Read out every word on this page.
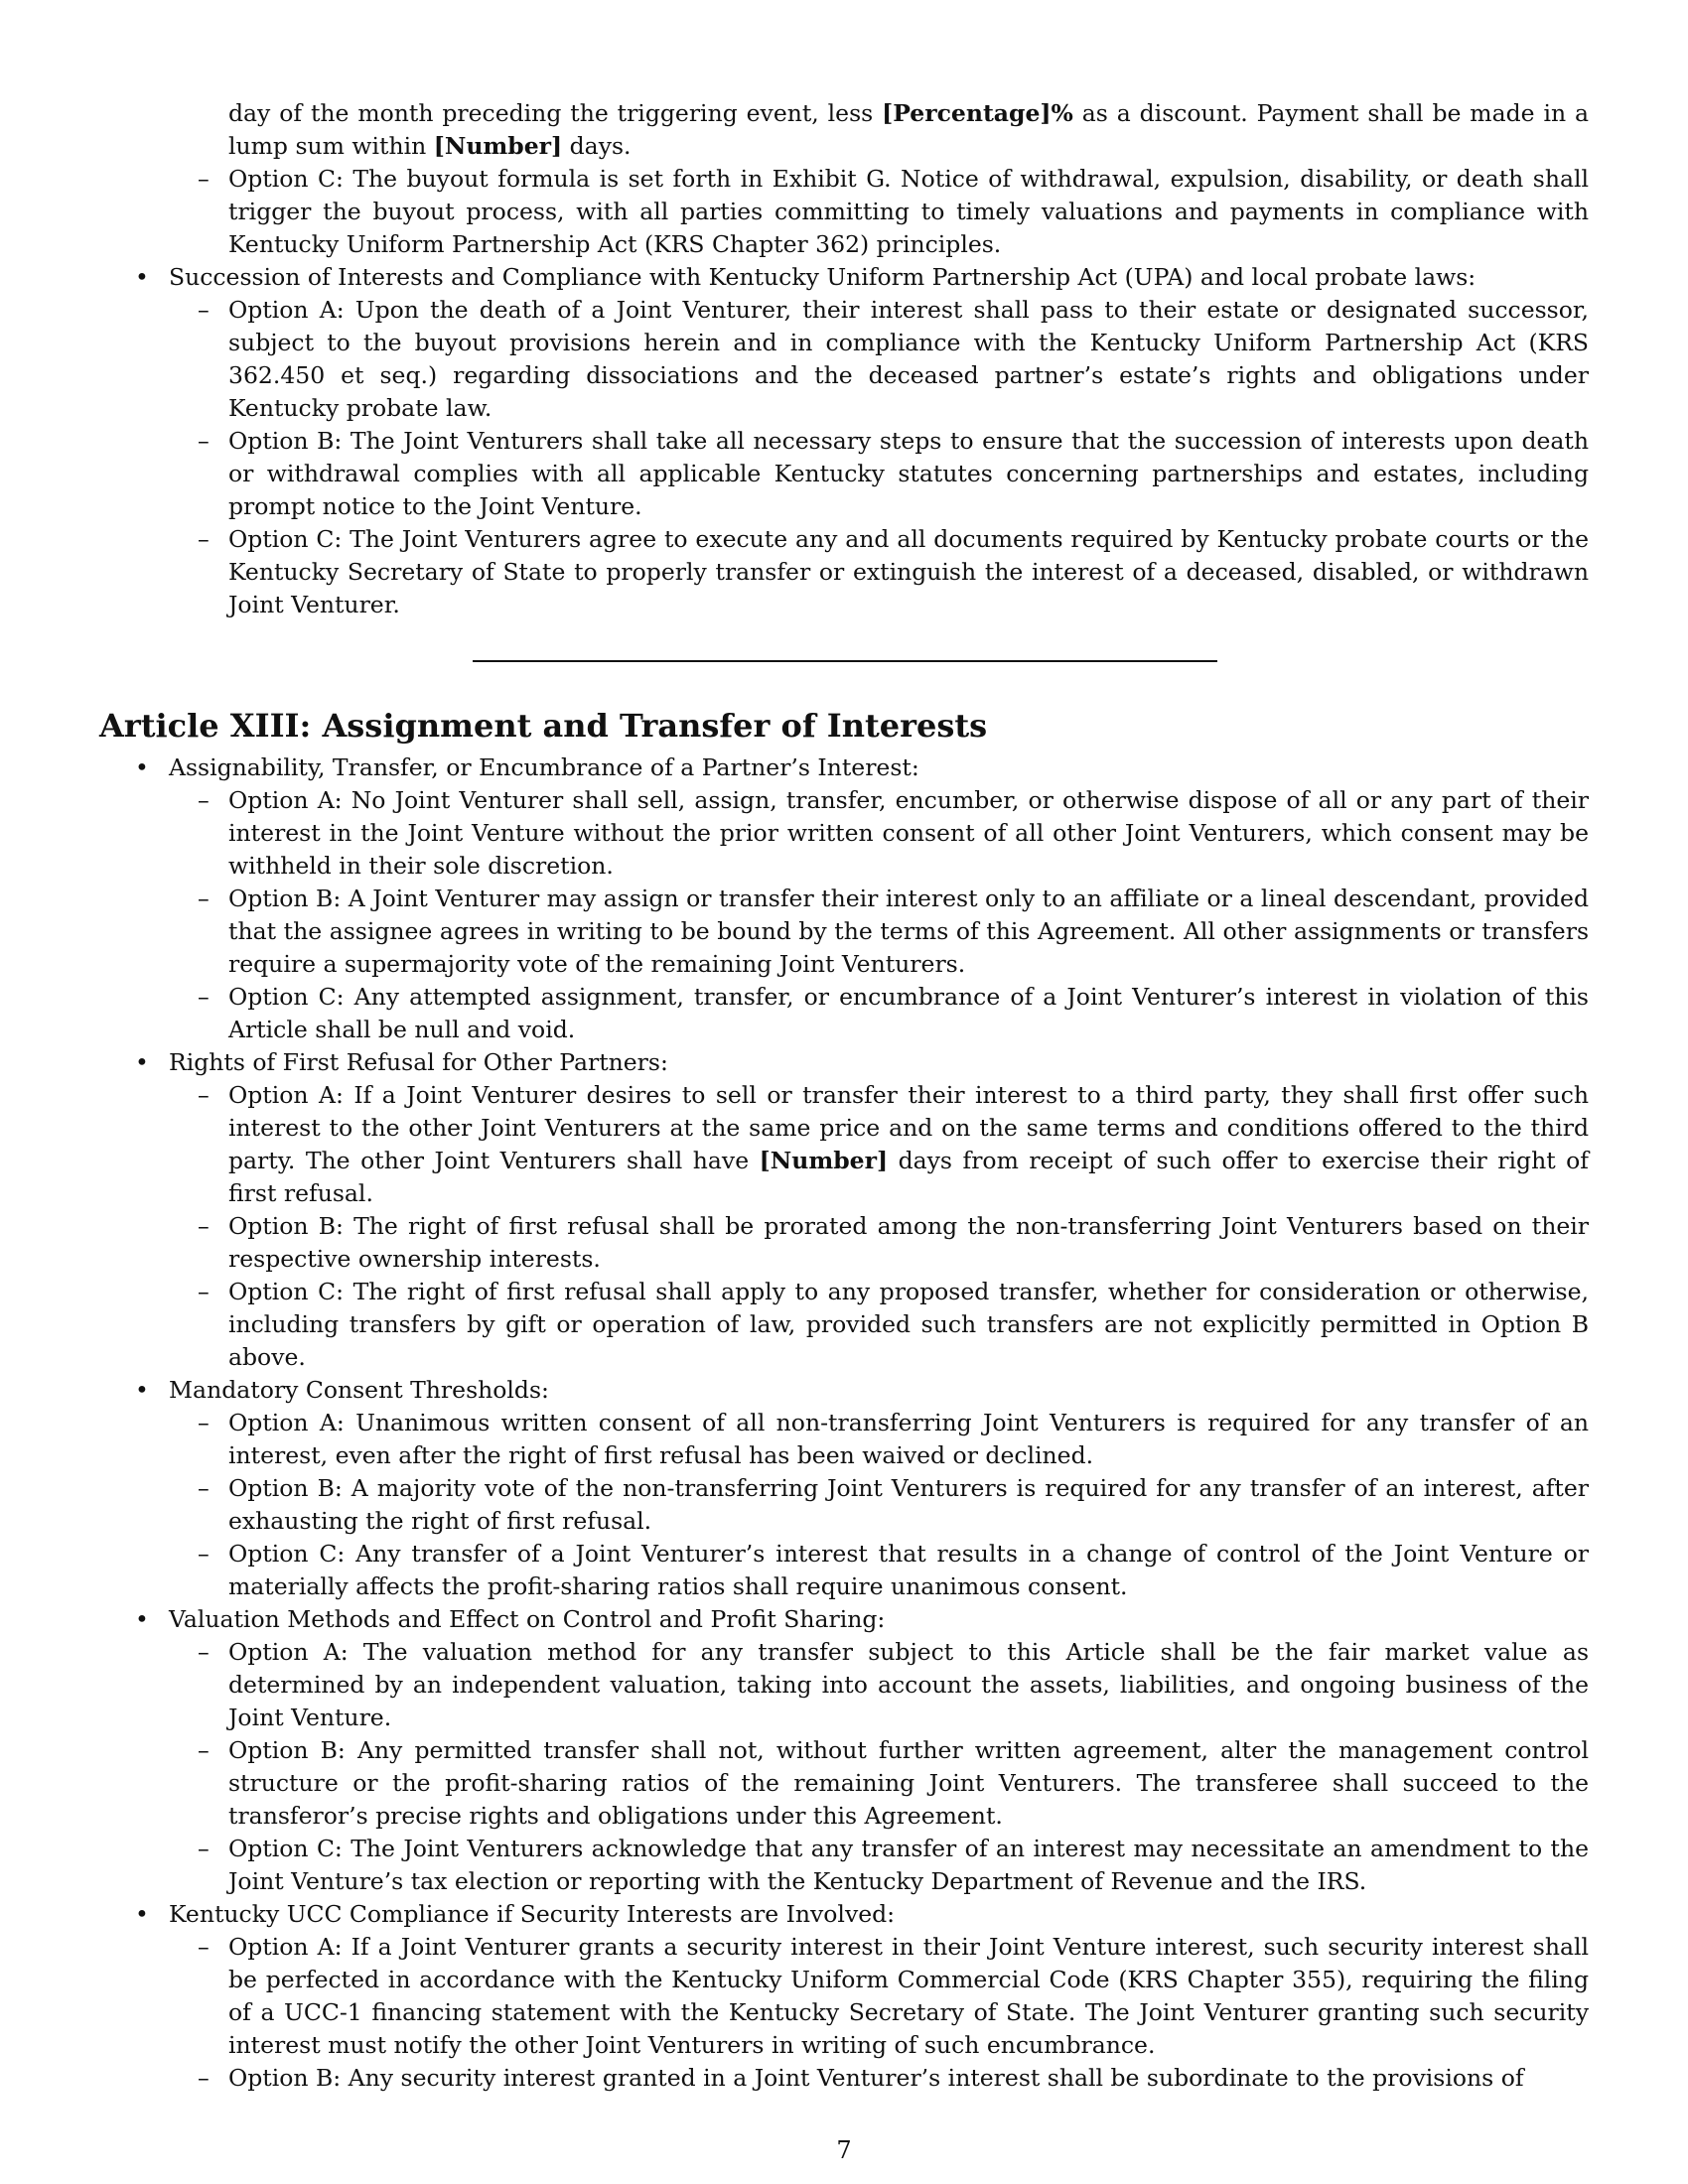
day of the month preceding the triggering event, less [Percentage]% as a discount. Payment shall be made in a lump sum within [Number] days.
– Option C: The buyout formula is set forth in Exhibit G. Notice of withdrawal, expulsion, disability, or death shall trigger the buyout process, with all parties committing to timely valuations and payments in compliance with Kentucky Uniform Partnership Act (KRS Chapter 362) principles.
• Succession of Interests and Compliance with Kentucky Uniform Partnership Act (UPA) and local probate laws:
– Option A: Upon the death of a Joint Venturer, their interest shall pass to their estate or designated successor, subject to the buyout provisions herein and in compliance with the Kentucky Uniform Partnership Act (KRS 362.450 et seq.) regarding dissociations and the deceased partner’s estate’s rights and obligations under Kentucky probate law.
– Option B: The Joint Venturers shall take all necessary steps to ensure that the succession of interests upon death or withdrawal complies with all applicable Kentucky statutes concerning partnerships and estates, including prompt notice to the Joint Venture.
– Option C: The Joint Venturers agree to execute any and all documents required by Kentucky probate courts or the Kentucky Secretary of State to properly transfer or extinguish the interest of a deceased, disabled, or withdrawn Joint Venturer.
Article XIII: Assignment and Transfer of Interests
• Assignability, Transfer, or Encumbrance of a Partner’s Interest:
– Option A: No Joint Venturer shall sell, assign, transfer, encumber, or otherwise dispose of all or any part of their interest in the Joint Venture without the prior written consent of all other Joint Venturers, which consent may be withheld in their sole discretion.
– Option B: A Joint Venturer may assign or transfer their interest only to an affiliate or a lineal descendant, provided that the assignee agrees in writing to be bound by the terms of this Agreement. All other assignments or transfers require a supermajority vote of the remaining Joint Venturers.
– Option C: Any attempted assignment, transfer, or encumbrance of a Joint Venturer’s interest in violation of this Article shall be null and void.
• Rights of First Refusal for Other Partners:
– Option A: If a Joint Venturer desires to sell or transfer their interest to a third party, they shall first offer such interest to the other Joint Venturers at the same price and on the same terms and conditions offered to the third party. The other Joint Venturers shall have [Number] days from receipt of such offer to exercise their right of first refusal.
– Option B: The right of first refusal shall be prorated among the non-transferring Joint Venturers based on their respective ownership interests.
– Option C: The right of first refusal shall apply to any proposed transfer, whether for consideration or otherwise, including transfers by gift or operation of law, provided such transfers are not explicitly permitted in Option B above.
• Mandatory Consent Thresholds:
– Option A: Unanimous written consent of all non-transferring Joint Venturers is required for any transfer of an interest, even after the right of first refusal has been waived or declined.
– Option B: A majority vote of the non-transferring Joint Venturers is required for any transfer of an interest, after exhausting the right of first refusal.
– Option C: Any transfer of a Joint Venturer’s interest that results in a change of control of the Joint Venture or materially affects the profit-sharing ratios shall require unanimous consent.
• Valuation Methods and Effect on Control and Profit Sharing:
– Option A: The valuation method for any transfer subject to this Article shall be the fair market value as determined by an independent valuation, taking into account the assets, liabilities, and ongoing business of the Joint Venture.
– Option B: Any permitted transfer shall not, without further written agreement, alter the management control structure or the profit-sharing ratios of the remaining Joint Venturers. The transferee shall succeed to the transferor’s precise rights and obligations under this Agreement.
– Option C: The Joint Venturers acknowledge that any transfer of an interest may necessitate an amendment to the Joint Venture’s tax election or reporting with the Kentucky Department of Revenue and the IRS.
• Kentucky UCC Compliance if Security Interests are Involved:
– Option A: If a Joint Venturer grants a security interest in their Joint Venture interest, such security interest shall be perfected in accordance with the Kentucky Uniform Commercial Code (KRS Chapter 355), requiring the filing of a UCC-1 financing statement with the Kentucky Secretary of State. The Joint Venturer granting such security interest must notify the other Joint Venturers in writing of such encumbrance.
– Option B: Any security interest granted in a Joint Venturer’s interest shall be subordinate to the provisions of
7
